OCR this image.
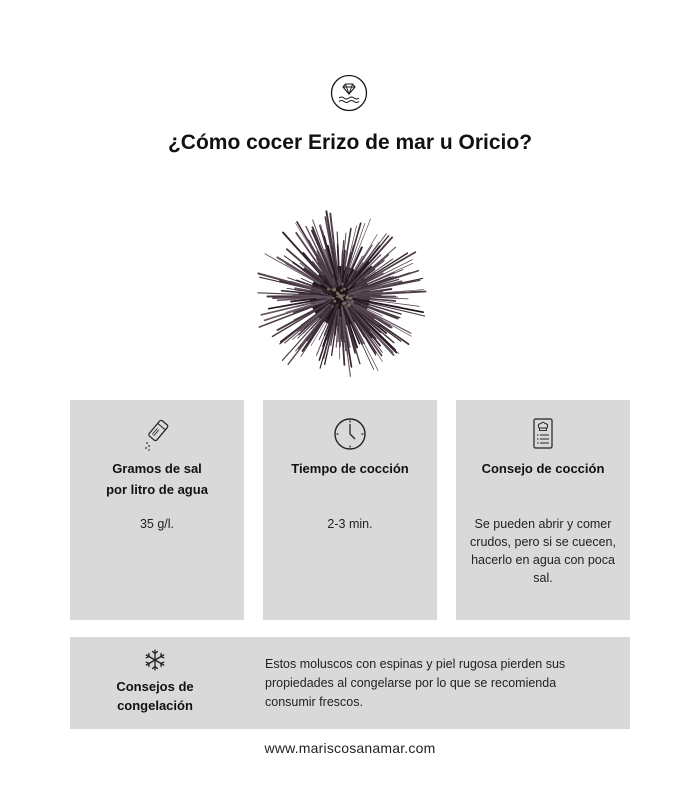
¿Cómo cocer Erizo de mar u Oricio?
Gramos de sal
por litro de agua
35 g/l.
Tiempo de cocción
2-3 min.
Consejo de cocción
Se pueden abrir y comer crudos, pero si se cuecen, hacerlo en agua con poca sal.
Consejos de
congelación
Estos moluscos con espinas y piel rugosa pierden sus propiedades al congelarse por lo que se recomienda consumir frescos.
www.mariscosanamar.com
